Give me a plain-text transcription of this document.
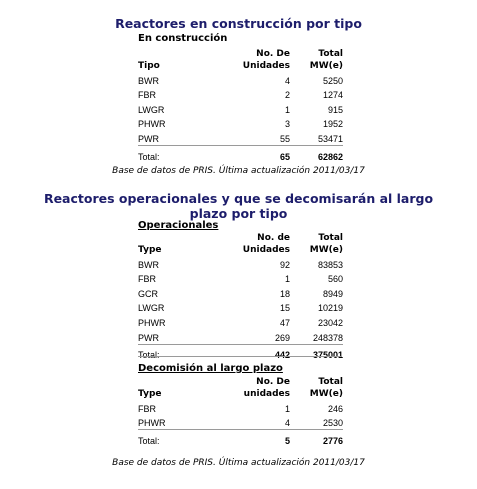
Reactores en construcción por tipo
En construcción
Tipo	No. De Unidades	Total MW(e)
BWR	4	5250
FBR	2	1274
LWGR	1	915
PHWR	3	1952
PWR	55	53471
Total:	65	62862
Base de datos de PRIS. Última actualización 2011/03/17
Reactores operacionales y que se decomisarán al largo plazo por tipo
Operacionales
Type	No. de Unidades	Total MW(e)
BWR	92	83853
FBR	1	560
GCR	18	8949
LWGR	15	10219
PHWR	47	23042
PWR	269	248378
Total:	442	375001
Decomisión al largo plazo
Type	No. De unidades	Total MW(e)
FBR	1	246
PHWR	4	2530
Total:	5	2776
Base de datos de PRIS. Última actualización 2011/03/17
